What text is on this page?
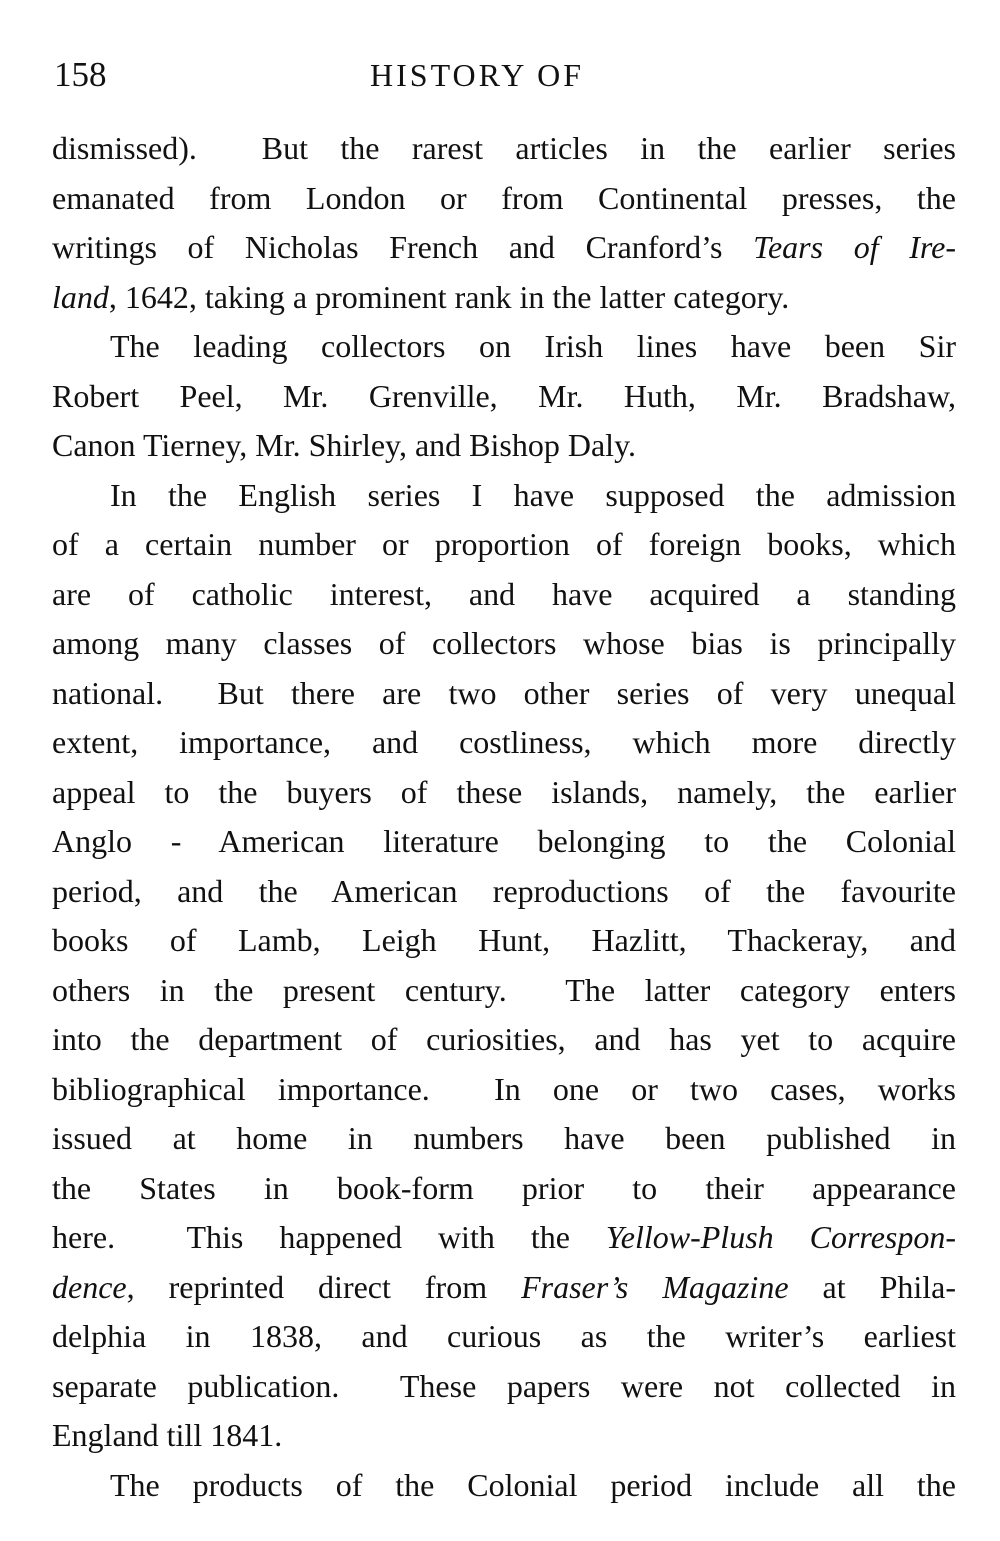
158	HISTORY OF
dismissed).  But the rarest articles in the earlier series
emanated from London or from Continental presses, the
writings of Nicholas French and Cranford’s Tears of Ire-
land, 1642, taking a prominent rank in the latter category.
The leading collectors on Irish lines have been Sir
Robert Peel, Mr. Grenville, Mr. Huth, Mr. Bradshaw,
Canon Tierney, Mr. Shirley, and Bishop Daly.
In the English series I have supposed the admission
of a certain number or proportion of foreign books, which
are of catholic interest, and have acquired a standing
among many classes of collectors whose bias is principally
national.  But there are two other series of very unequal
extent, importance, and costliness, which more directly
appeal to the buyers of these islands, namely, the earlier
Anglo - American literature belonging to the Colonial
period, and the American reproductions of the favourite
books of Lamb, Leigh Hunt, Hazlitt, Thackeray, and
others in the present century.  The latter category enters
into the department of curiosities, and has yet to acquire
bibliographical importance.  In one or two cases, works
issued at home in numbers have been published in
the States in book-form prior to their appearance
here.  This happened with the Yellow-Plush Correspon-
dence, reprinted direct from Fraser’s Magazine at Phila-
delphia in 1838, and curious as the writer’s earliest
separate publication.  These papers were not collected in
England till 1841.
The products of the Colonial period include all the
